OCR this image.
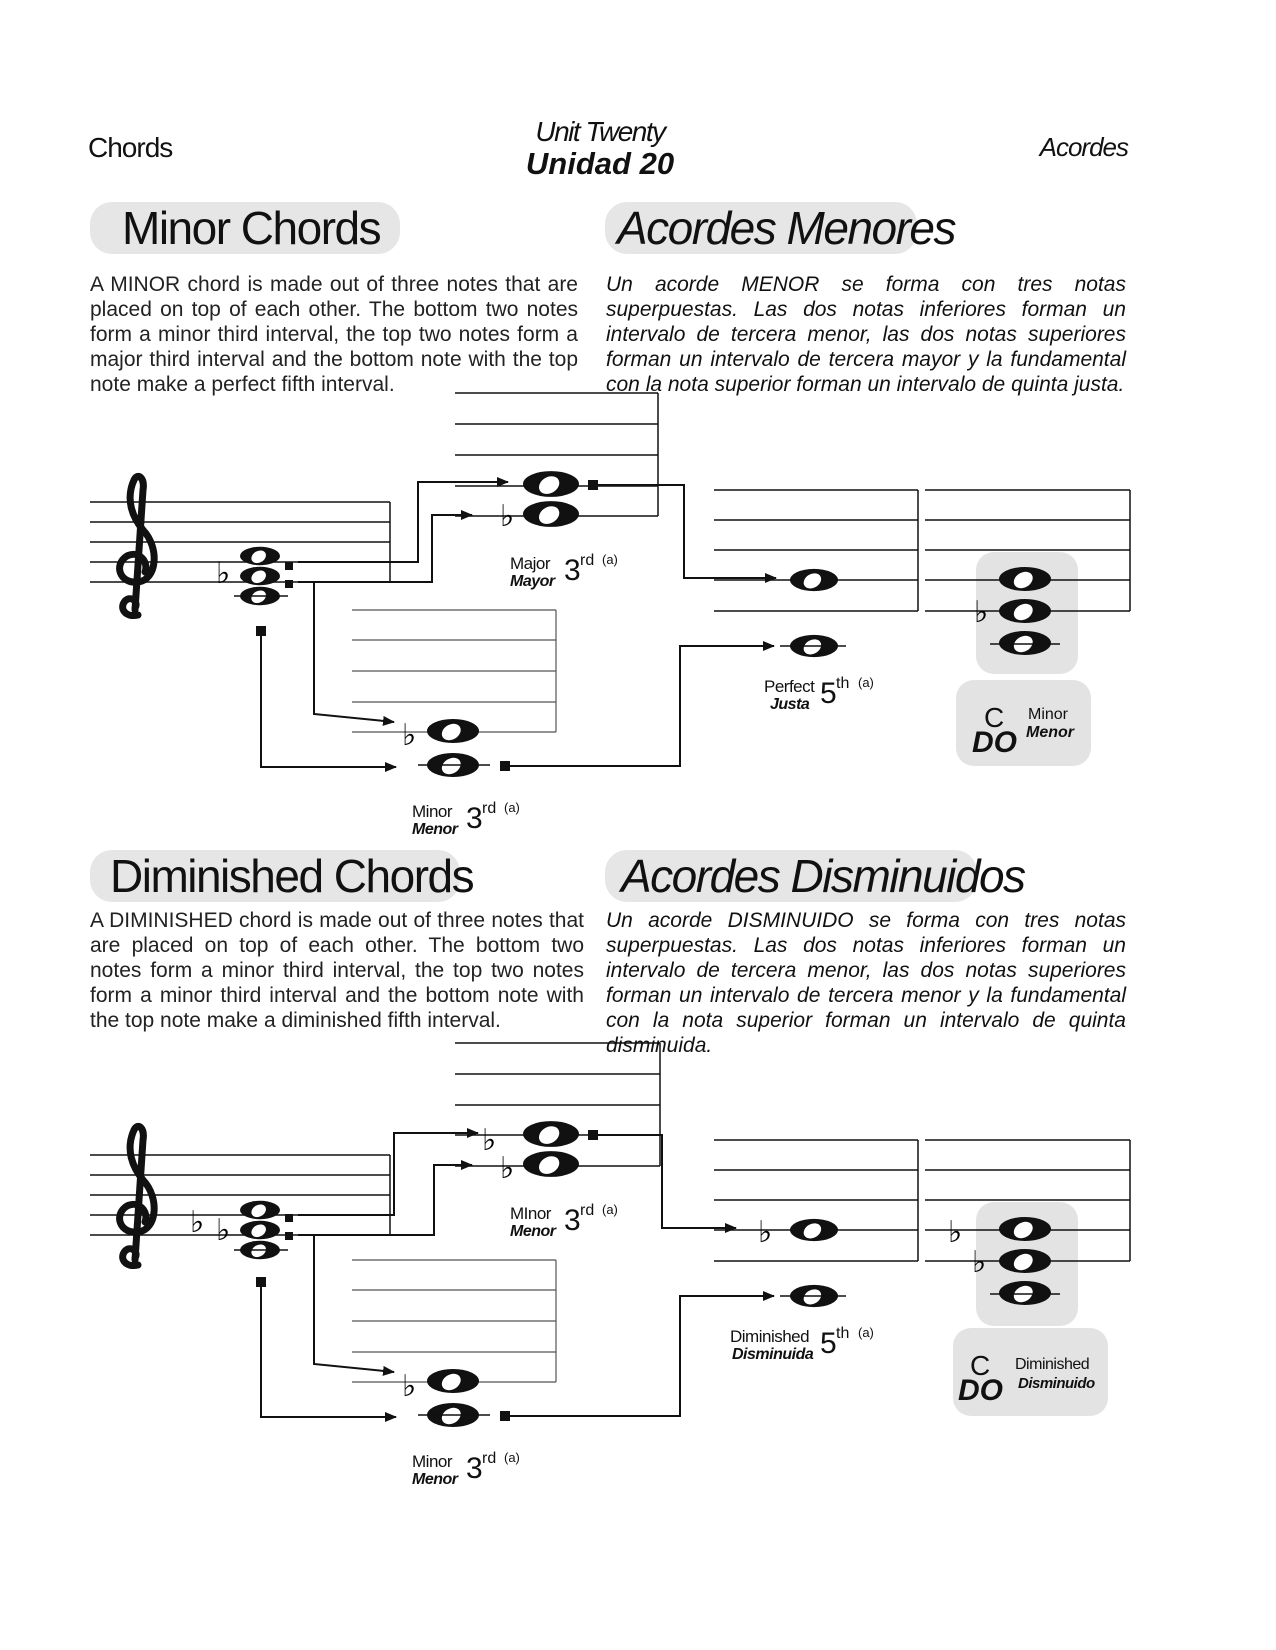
Chords
Unit Twenty
Unidad 20	Acordes
Minor Chords	Acordes Menores
A MINOR chord is made out of three notes that are placed on top of each other. The bottom two notes form a minor third interval, the top two notes form a major third interval and the bottom note with the top note make a perfect fifth interval.
Un acorde MENOR se forma con tres notas superpuestas. Las dos notas inferiores forman un intervalo de tercera menor, las dos notas superiores forman un intervalo de tercera mayor y la fundamental con la nota superior forman un intervalo de quinta justa.
Diminished Chords	Acordes Disminuidos
A DIMINISHED chord is made out of three notes that are placed on top of each other. The bottom two notes form a minor third interval, the top two notes form a minor third interval and the bottom note with the top note make a diminished fifth interval.
Un acorde DISMINUIDO se forma con tres notas superpuestas. Las dos notas inferiores forman un intervalo de tercera menor, las dos notas superiores forman un intervalo de tercera menor y la fundamental con la nota superior forman un intervalo de quinta disminuida.
♭
♭
♭
♭
♭ ♭
♭
♭
♭
♭	♭
♭
Major
Mayor 3 rd (a)
Minor
Menor 3 rd (a)
Perfect
Justa 5 th (a)
C
DO
Minor
Menor
MInor
Menor 3 rd (a)
Minor
Menor 3 rd (a)
Diminished
Disminuida 5 th (a)
C
DO
Diminished
Disminuido
